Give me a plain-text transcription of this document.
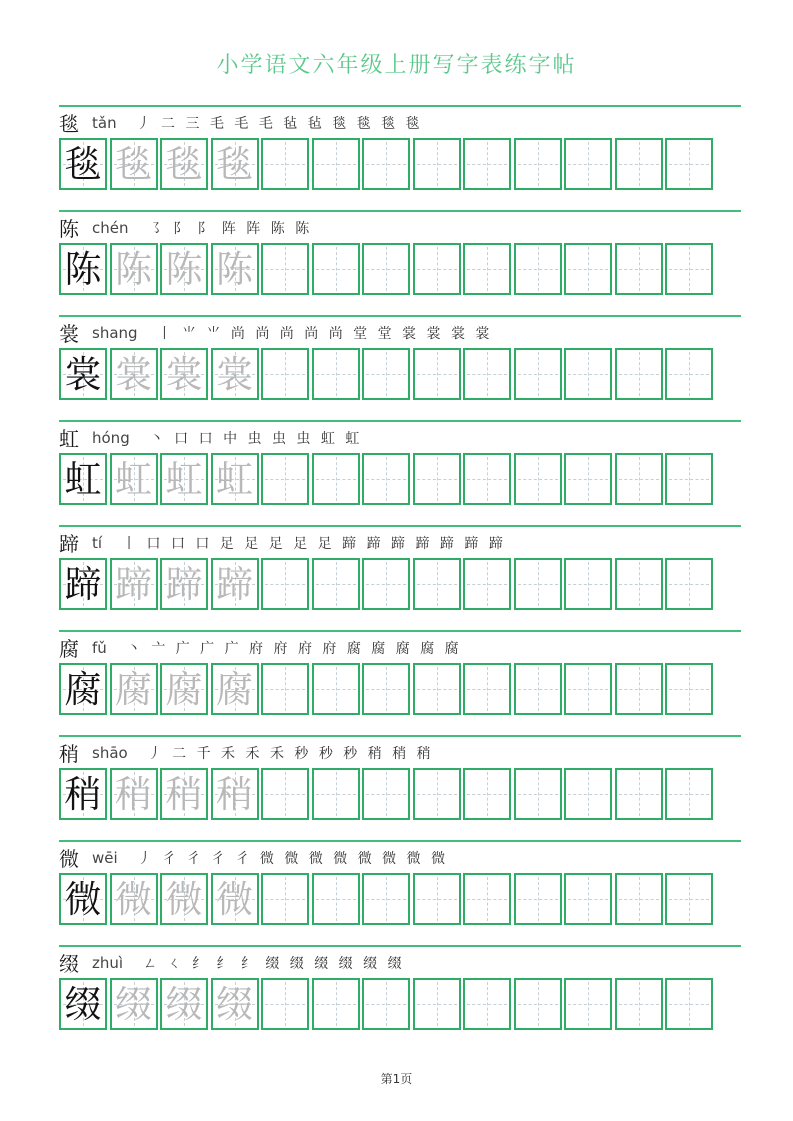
小学语文六年级上册写字表练字帖
毯 tǎn 丿 二 三 毛 毛 毛 毡 毡 毯 毯 毯 毯
毯 毯 毯 毯
陈 chén ㇌ 阝 阝 阵 阵 陈 陈
陈 陈 陈 陈
裳 shang 丨 ⺌ ⺌ 尚 尚 尚 尚 尚 堂 堂 裳 裳 裳 裳
裳 裳 裳 裳
虹 hóng 丶 口 口 中 虫 虫 虫 虹 虹
虹 虹 虹 虹
蹄 tí 丨 口 口 口 足 足 足 足 足 蹄 蹄 蹄 蹄 蹄 蹄 蹄
蹄 蹄 蹄 蹄
腐 fǔ 丶 亠 广 广 广 府 府 府 府 腐 腐 腐 腐 腐
腐 腐 腐 腐
稍 shāo 丿 二 千 禾 禾 禾 秒 秒 秒 稍 稍 稍
稍 稍 稍 稍
微 wēi 丿 彳 彳 彳 彳 微 微 微 微 微 微 微 微
微 微 微 微
缀 zhuì ㄥ ㄑ 纟 纟 纟 缀 缀 缀 缀 缀 缀
缀 缀 缀 缀
第1页
